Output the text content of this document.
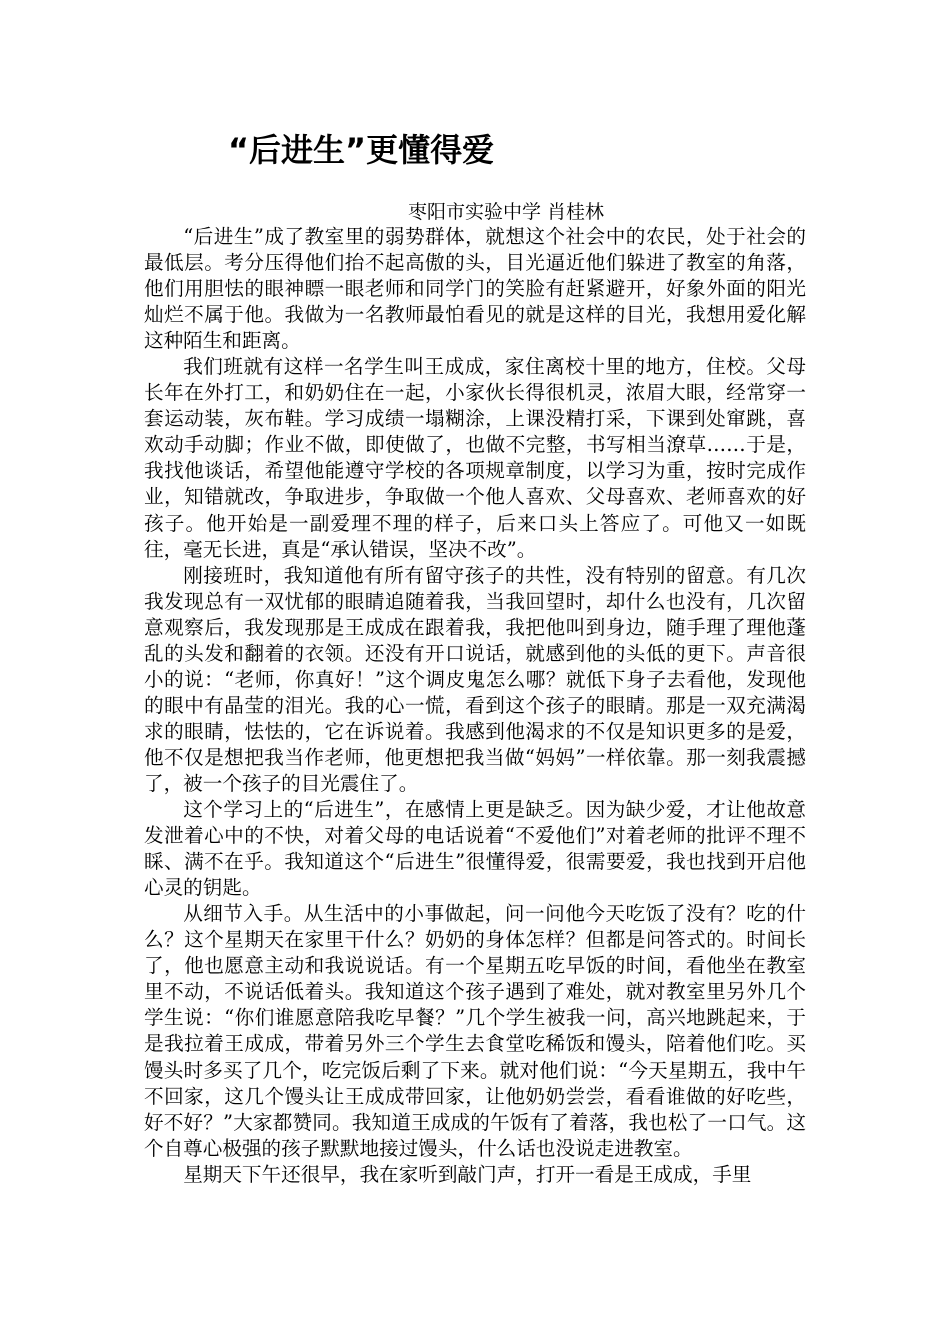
“后进生”更懂得爱
枣阳市实验中学 肖桂林

“后进生”成了教室里的弱势群体，就想这个社会中的农民，处于社会的最低层。考分压得他们抬不起高傲的头，目光逼近他们躲进了教室的角落，他们用胆怯的眼神瞟一眼老师和同学门的笑脸有赶紧避开，好象外面的阳光灿烂不属于他。我做为一名教师最怕看见的就是这样的目光，我想用爱化解这种陌生和距离。

我们班就有这样一名学生叫王成成，家住离校十里的地方，住校。父母长年在外打工，和奶奶住在一起，小家伙长得很机灵，浓眉大眼，经常穿一套运动装，灰布鞋。学习成绩一塌糊涂，上课没精打采，下课到处窜跳，喜欢动手动脚；作业不做，即使做了，也做不完整，书写相当潦草……于是，我找他谈话，希望他能遵守学校的各项规章制度，以学习为重，按时完成作业，知错就改，争取进步，争取做一个他人喜欢、父母喜欢、老师喜欢的好孩子。他开始是一副爱理不理的样子，后来口头上答应了。可他又一如既往，毫无长进，真是“承认错误，坚决不改”。

刚接班时，我知道他有所有留守孩子的共性，没有特别的留意。有几次我发现总有一双忧郁的眼睛追随着我，当我回望时，却什么也没有，几次留意观察后，我发现那是王成成在跟着我，我把他叫到身边，随手理了理他蓬乱的头发和翻着的衣领。还没有开口说话，就感到他的头低的更下。声音很小的说：“老师，你真好！”这个调皮鬼怎么哪？就低下身子去看他，发现他的眼中有晶莹的泪光。我的心一慌，看到这个孩子的眼睛。那是一双充满渴求的眼睛，怯怯的，它在诉说着。我感到他渴求的不仅是知识更多的是爱，他不仅是想把我当作老师，他更想把我当做“妈妈”一样依靠。那一刻我震撼了，被一个孩子的目光震住了。

这个学习上的“后进生”，在感情上更是缺乏。因为缺少爱，才让他故意发泄着心中的不快，对着父母的电话说着“不爱他们”对着老师的批评不理不睬、满不在乎。我知道这个“后进生”很懂得爱，很需要爱，我也找到开启他心灵的钥匙。

从细节入手。从生活中的小事做起，问一问他今天吃饭了没有？吃的什么？这个星期天在家里干什么？奶奶的身体怎样？但都是问答式的。时间长了，他也愿意主动和我说说话。有一个星期五吃早饭的时间，看他坐在教室里不动，不说话低着头。我知道这个孩子遇到了难处，就对教室里另外几个学生说：“你们谁愿意陪我吃早餐？”几个学生被我一问，高兴地跳起来，于是我拉着王成成，带着另外三个学生去食堂吃稀饭和馒头，陪着他们吃。买馒头时多买了几个，吃完饭后剩了下来。就对他们说：“今天星期五，我中午不回家，这几个馒头让王成成带回家，让他奶奶尝尝，看看谁做的好吃些，好不好？”大家都赞同。我知道王成成的午饭有了着落，我也松了一口气。这个自尊心极强的孩子默默地接过馒头，什么话也没说走进教室。

星期天下午还很早，我在家听到敲门声，打开一看是王成成，手里
